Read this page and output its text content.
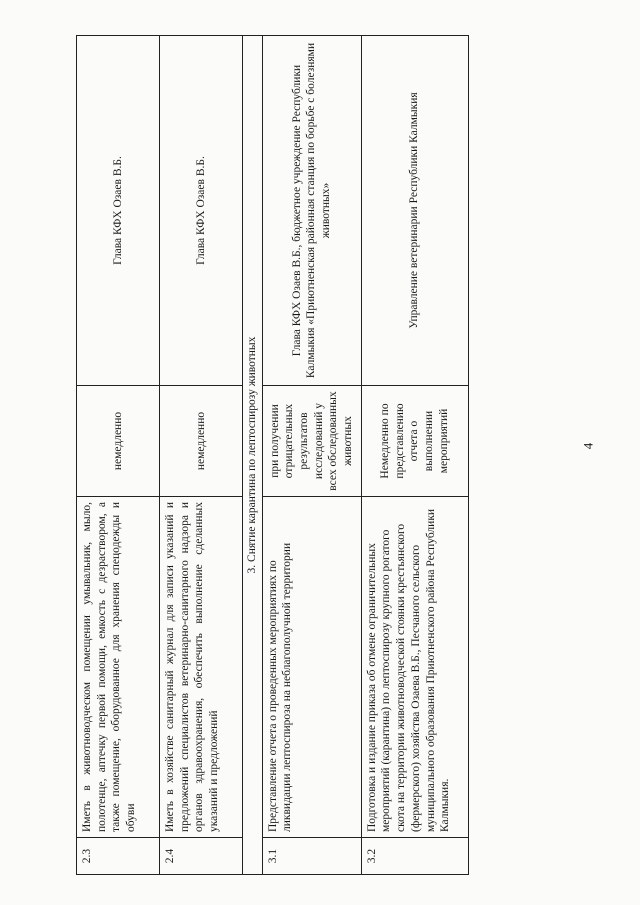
2.3	Иметь в животноводческом помещении умывальник, мыло, полотенце, аптечку первой помощи, емкость с дезраствором, а также помещение, оборудованное для хранения спецодежды и обуви	немедленно	Глава КФХ Озаев В.Б.
2.4	Иметь в хозяйстве санитарный журнал для записи указаний и предложений специалистов ветеринарно-санитарного надзора и органов здравоохранения, обеспечить выполнение сделанных указаний и предложений	немедленно	Глава КФХ Озаев В.Б.
3. Снятие карантина по лептоспирозу животных			
3.1	Представление отчета о проведенных мероприятиях по ликвидации лептоспироза на неблагополучной территории	при получении отрицательных результатов исследований у всех обследованных животных	Глава КФХ Озаев В.Б., бюджетное учреждение Республики Калмыкия «Приютненская районная станция по борьбе с болезнями животных»
3.2	Подготовка и издание приказа об отмене ограничительных мероприятий (карантина) по лептоспирозу крупного рогатого скота на территории животноводческой стоянки крестьянского (фермерского) хозяйства Озаева В.Б., Песчаного сельского муниципального образования Приютненского района Республики Калмыкия.	Немедленно по представлению отчета о выполнении мероприятий	Управление ветеринарии Республики Калмыкия
4
